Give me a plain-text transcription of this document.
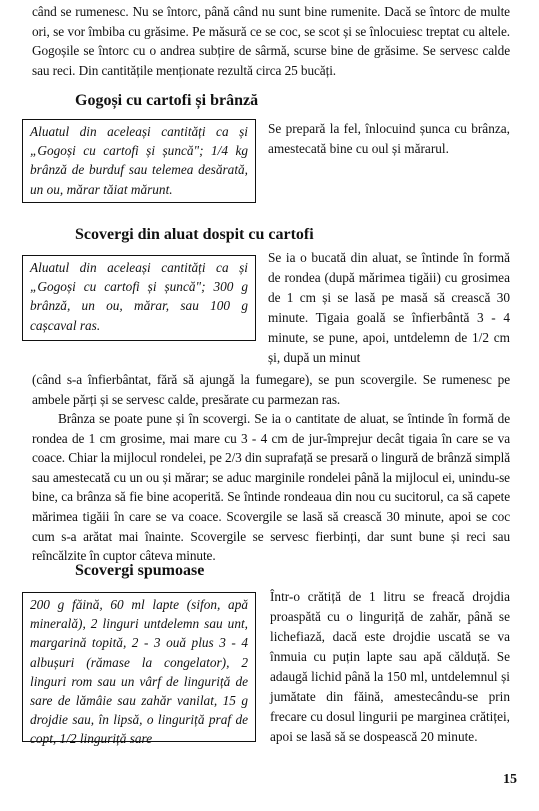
când se rumenesc. Nu se întorc, până când nu sunt bine rumenite. Dacă se întorc de multe ori, se vor îmbiba cu grăsime. Pe măsură ce se coc, se scot și se înlocuiesc treptat cu altele. Gogoșile se întorc cu o andrea subțire de sârmă, scurse bine de grăsime. Se servesc calde sau reci. Din cantitățile menționate rezultă circa 25 bucăți.

Gogoși cu cartofi și brânză
Aluatul din aceleași cantități ca și „Gogoși cu cartofi și șuncă"; 1/4 kg brânză de burduf sau telemea desărată, un ou, mărar tăiat mărunt.

Se prepară la fel, înlocuind șunca cu brânza, amestecată bine cu oul și mărarul.

Scovergi din aluat dospit cu cartofi
Aluatul din aceleași cantități ca și „Gogoși cu cartofi și șuncă"; 300 g brânză, un ou, mărar, sau 100 g cașcaval ras.

Se ia o bucată din aluat, se întinde în formă de rondea (după mărimea tigăii) cu grosimea de 1 cm și se lasă pe masă să crească 30 minute. Tigaia goală se înfierbântă 3 - 4 minute, se pune, apoi, untdelemn de 1/2 cm și, după un minut

(când s-a înfierbântat, fără să ajungă la fumegare), se pun scovergile. Se rumenesc pe ambele părți și se servesc calde, presărate cu parmezan ras.

Brânza se poate pune și în scovergi. Se ia o cantitate de aluat, se întinde în formă de rondea de 1 cm grosime, mai mare cu 3 - 4 cm de jur-împrejur decât tigaia în care se va coace. Chiar la mijlocul rondelei, pe 2/3 din suprafață se presară o lingură de brânză simplă sau amestecată cu un ou și mărar; se aduc marginile rondelei până la mijlocul ei, unindu-se bine, ca brânza să fie bine acoperită. Se întinde rondeaua din nou cu sucitorul, ca să capete mărimea tigăii în care se va coace. Scovergile se lasă să crească 30 minute, apoi se coc cum s-a arătat mai înainte. Scovergile se servesc fierbinți, dar sunt bune și reci sau reîncălzite în cuptor câteva minute.

Scovergi spumoase
200 g făină, 60 ml lapte (sifon, apă minerală), 2 linguri untdelemn sau unt, margarină topită, 2 - 3 ouă plus 3 - 4 albușuri (rămase la congelator), 2 linguri rom sau un vârf de linguriță de sare de lămâie sau zahăr vanilat, 15 g drojdie sau, în lipsă, o linguriță praf de copt, 1/2 linguriță sare

Într-o crătiță de 1 litru se freacă drojdia proaspătă cu o linguriță de zahăr, până se lichefiază, dacă este drojdie uscată se va înmuia cu puțin lapte sau apă călduță. Se adaugă lichid până la 150 ml, untdelemnul și jumătate din făină, amestecându-se prin frecare cu dosul lingurii pe marginea crătiței, apoi se lasă să se dospească 20 minute.

15
